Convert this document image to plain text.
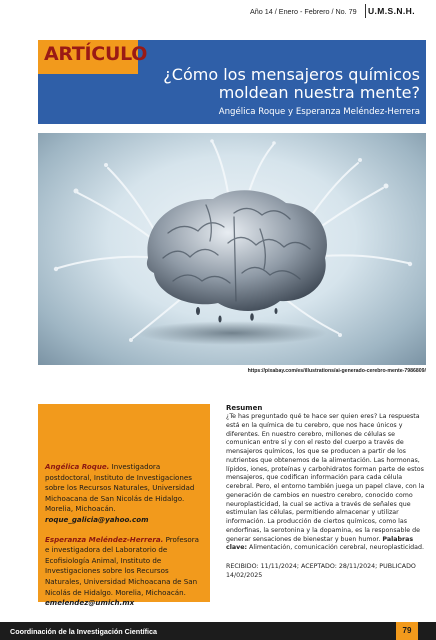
Año 14 / Enero - Febrero / No. 79 U.M.S.N.H.
ARTÍCULO
¿Cómo los mensajeros químicos
moldean nuestra mente?
Angélica Roque y Esperanza Meléndez-Herrera
https://pixabay.com/es/illustrations/ai-generado-cerebro-mente-7986809/

Angélica Roque. Investigadora postdoctoral, Instituto de Investigaciones sobre los Recursos Naturales, Universidad Michoacana de San Nicolás de Hidalgo. Morelia, Michoacán.
roque_galicia@yahoo.com

Esperanza Meléndez-Herrera. Profesora e investigadora del Laboratorio de Ecofisiología Animal, Instituto de Investigaciones sobre los Recursos Naturales, Universidad Michoacana de San Nicolás de Hidalgo. Morelia, Michoacán.
emelendez@umich.mx

Resumen

¿Te has preguntado qué te hace ser quien eres? La respuesta está en la química de tu cerebro, que nos hace únicos y diferentes. En nuestro cerebro, millones de células se comunican entre sí y con el resto del cuerpo a través de mensajeros químicos, los que se producen a partir de los nutrientes que obtenemos de la alimentación. Las hormonas, lípidos, iones, proteínas y carbohidratos forman parte de estos mensajeros, que codifican información para cada célula cerebral. Pero, el entorno también juega un papel clave, con la generación de cambios en nuestro cerebro, conocido como neuroplasticidad, la cual se activa a través de señales que estimulan las células, permitiendo almacenar y utilizar información. La producción de ciertos químicos, como las endorfinas, la serotonina y la dopamina, es la responsable de generar sensaciones de bienestar y buen humor. Palabras clave: Alimentación, comunicación cerebral, neuroplasticidad.

RECIBIDO: 11/11/2024; ACEPTADO: 28/11/2024; PUBLICADO 14/02/2025

Coordinación de la Investigación Científica	79
